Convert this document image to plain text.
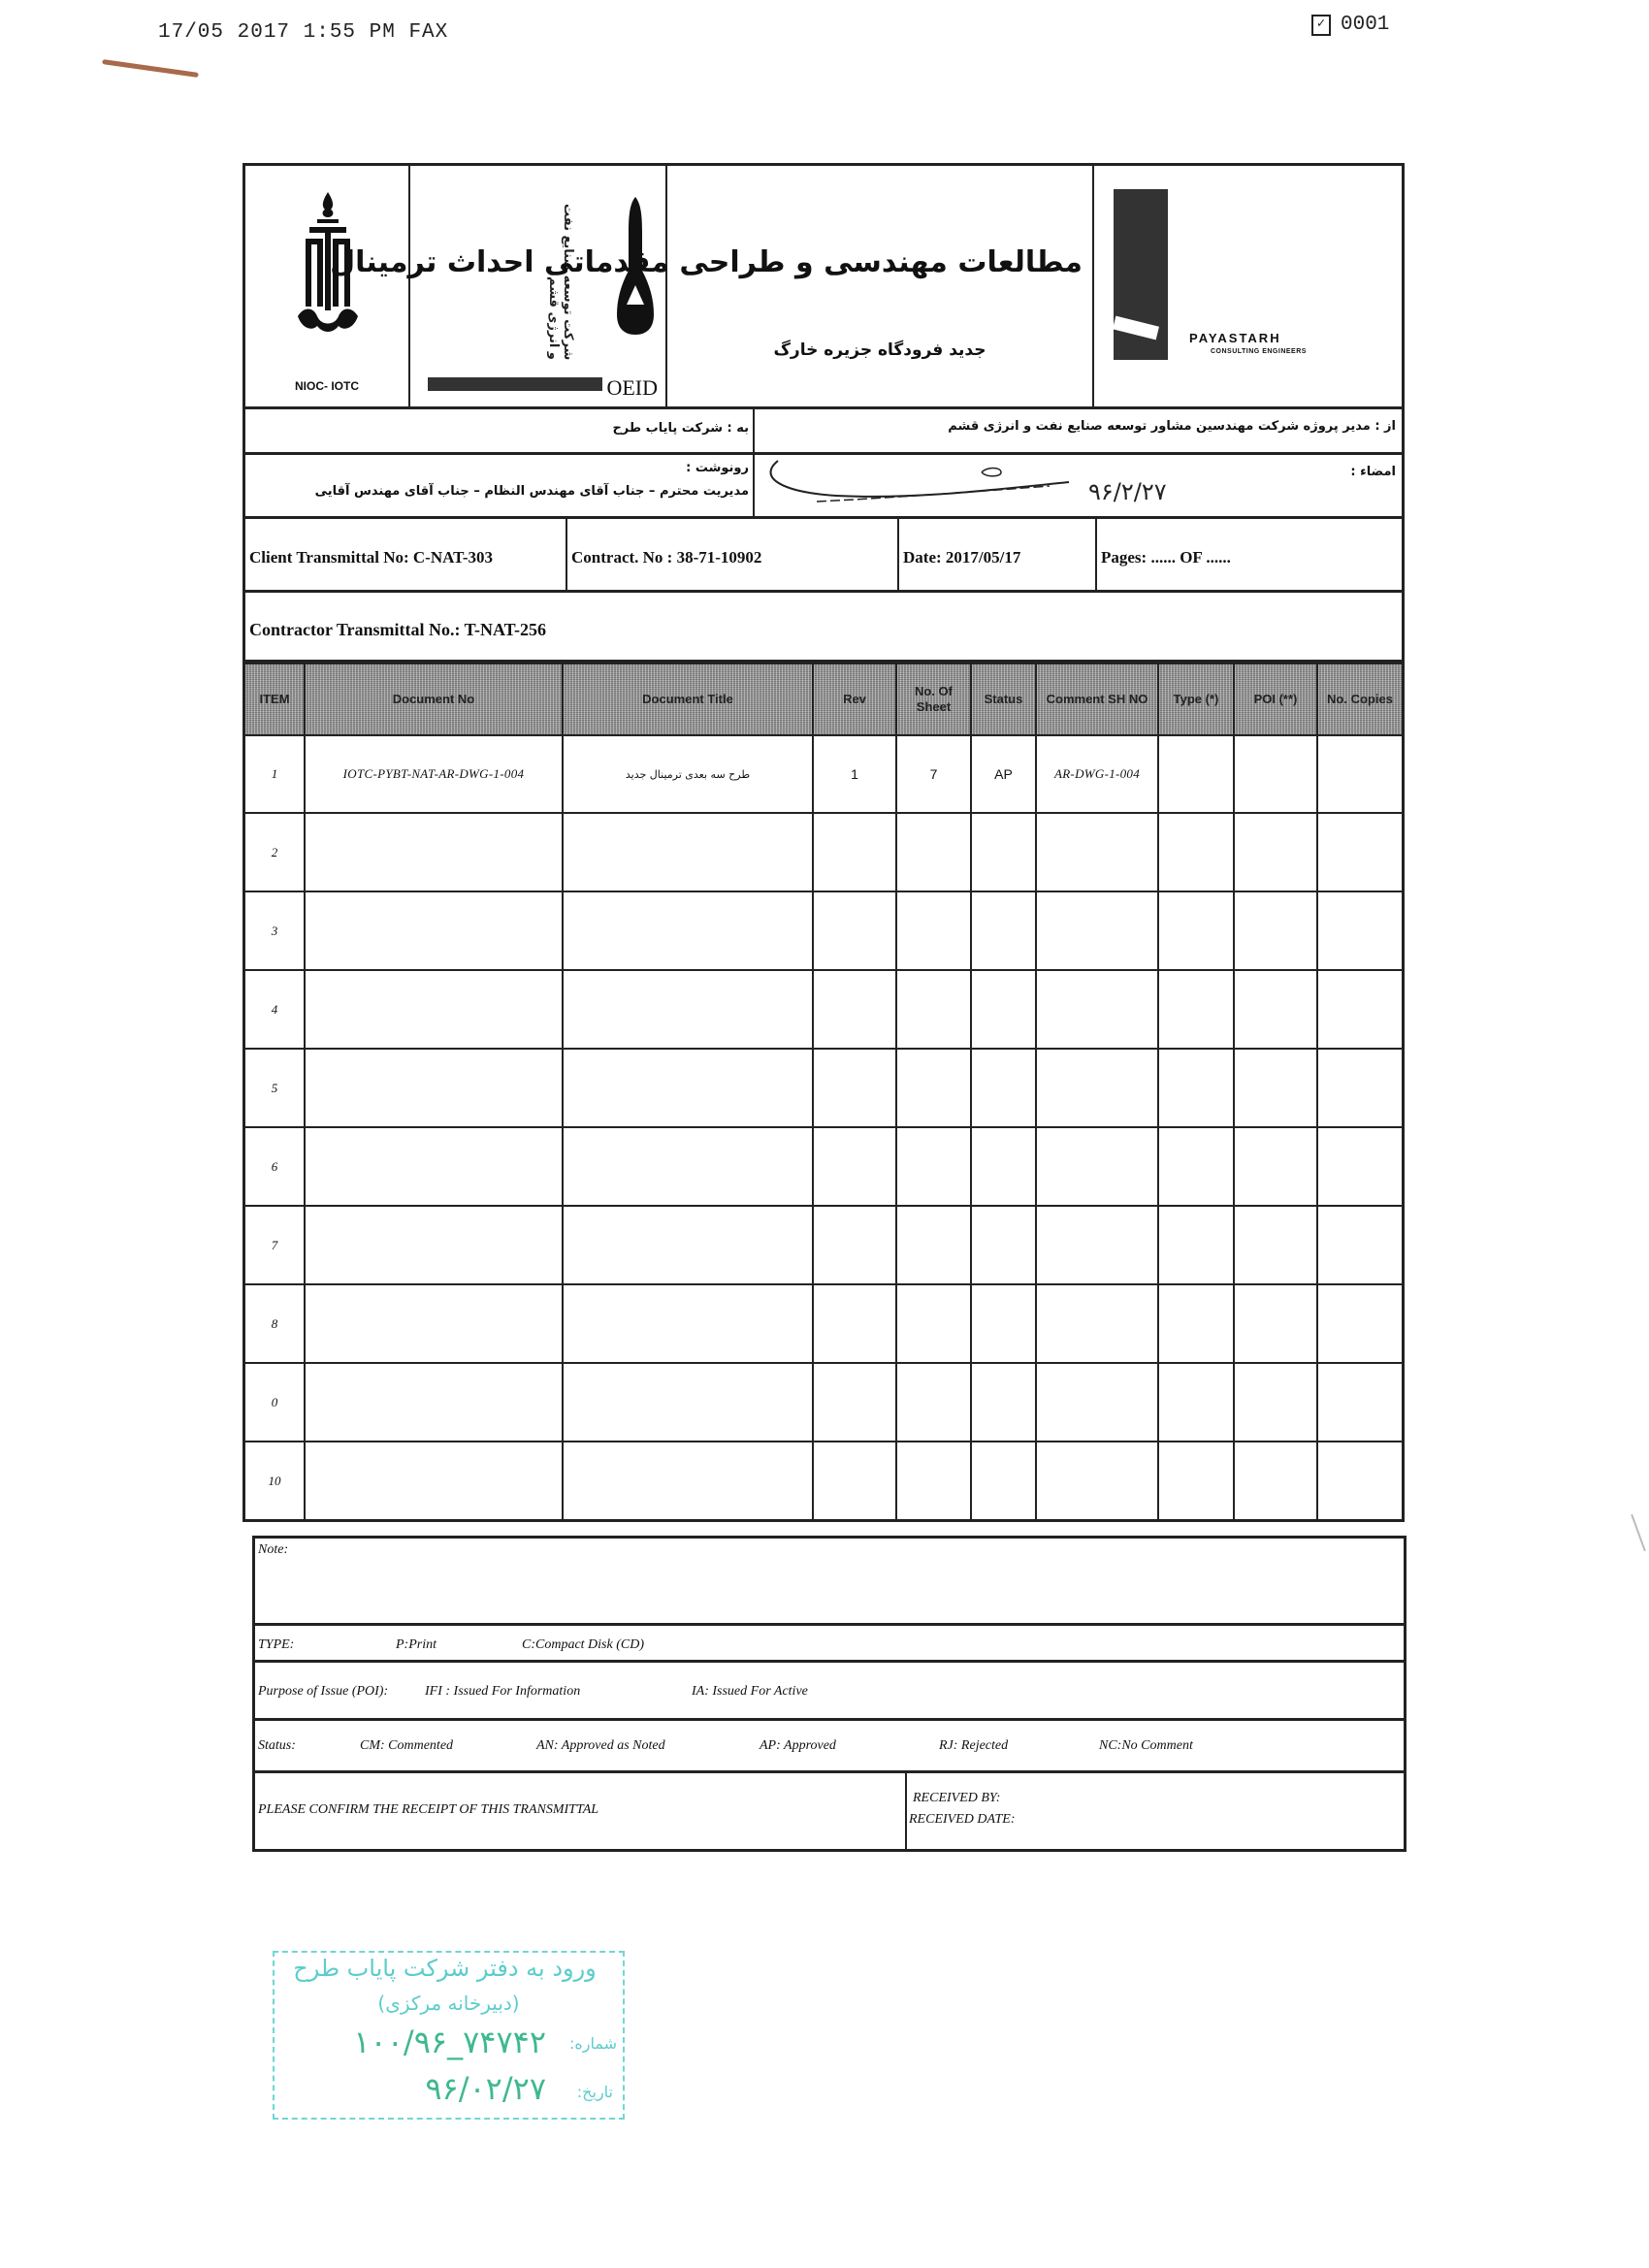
17/05 2017 1:55 PM FAX	✓ 0001
NIOC- IOTC
شرکت توسعه صنایع نفت و انرژی قشم
OEID
مطالعات مهندسی و طراحی مقدماتی احداث ترمینال
جدید فرودگاه جزیره خارگ
PAYASTARH
CONSULTING ENGINEERS
به : شرکت پایاب طرح	از : مدیر پروژه شرکت مهندسین مشاور توسعه صنایع نفت و انرژی قشم
رونوشت :
مدیریت محترم – جناب آقای مهندس النظام – جناب آقای مهندس آقایی
امضاء :
۹۶/۲/۲۷
Client Transmittal No: C-NAT-303	Contract. No : 38-71-10902	Date: 2017/05/17	Pages: ...... OF ......
Contractor Transmittal No.: T-NAT-256
ITEM	Document No	Document Title	Rev	No. Of Sheet	Status	Comment SH NO	Type (*)	POI (**)	No. Copies
1	IOTC-PYBT-NAT-AR-DWG-1-004	طرح سه بعدی ترمینال جدید	1	7	AP	AR-DWG-1-004			
2									
3									
4									
5									
6									
7									
8									
0									
10									
Note:
TYPE:	P:Print	C:Compact Disk (CD)
Purpose of Issue (POI):	IFI : Issued For Information	IA: Issued For Active
Status:	CM: Commented	AN: Approved as Noted	AP: Approved	RJ: Rejected	NC:No Comment
PLEASE CONFIRM THE RECEIPT OF THIS TRANSMITTAL
RECEIVED BY:
RECEIVED DATE:
ورود به دفتر شرکت پایاب طرح
(دبیرخانه مرکزی)
شماره:
۱۰۰/۹۶_۷۴۷۴۲
تاریخ:
۹۶/۰۲/۲۷
